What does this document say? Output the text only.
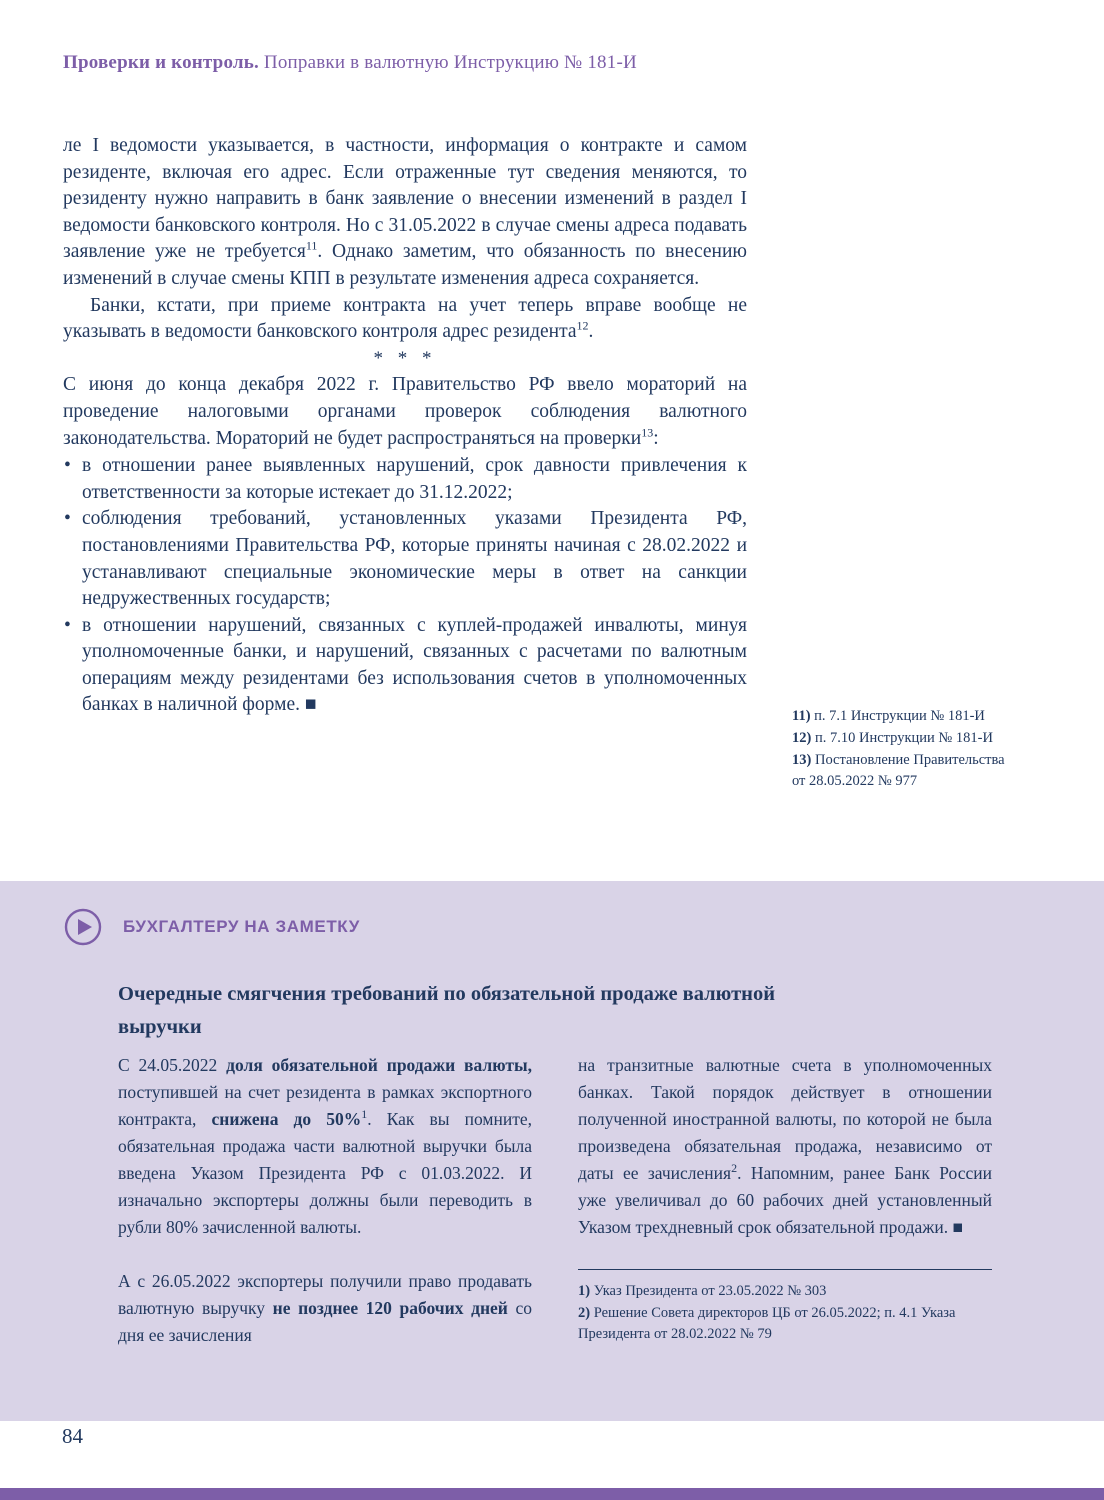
Проверки и контроль. Поправки в валютную Инструкцию № 181-И

ле I ведомости указывается, в частности, информация о контракте и самом резиденте, включая его адрес. Если отраженные тут сведения меняются, то резиденту нужно направить в банк заявление о внесении изменений в раздел I ведомости банковского контроля. Но с 31.05.2022 в случае смены адреса подавать заявление уже не требуется$^{11}$. Однако заметим, что обязанность по внесению изменений в случае смены КПП в результате изменения адреса сохраняется.

Банки, кстати, при приеме контракта на учет теперь вправе вообще не указывать в ведомости банковского контроля адрес резидента$^{12}$.

* * *

С июня до конца декабря 2022 г. Правительство РФ ввело мораторий на проведение налоговыми органами проверок соблюдения валютного законодательства. Мораторий не будет распространяться на проверки$^{13}$:

• в отношении ранее выявленных нарушений, срок давности привлечения к ответственности за которые истекает до 31.12.2022;
• соблюдения требований, установленных указами Президента РФ, постановлениями Правительства РФ, которые приняты начиная с 28.02.2022 и устанавливают специальные экономические меры в ответ на санкции недружественных государств;
• в отношении нарушений, связанных с куплей-продажей инвалюты, минуя уполномоченные банки, и нарушений, связанных с расчетами по валютным операциям между резидентами без использования счетов в уполномоченных банках в наличной форме. ■
11) п. 7.1 Инструкции № 181-И
12) п. 7.10 Инструкции № 181-И
13) Постановление Правительства от 28.05.2022 № 977
БУХГАЛТЕРУ НА ЗАМЕТКУ
Очередные смягчения требований по обязательной продаже валютной выручки

С 24.05.2022 доля обязательной продажи валюты, поступившей на счет резидента в рамках экспортного контракта, снижена до 50%$^1$. Как вы помните, обязательная продажа части валютной выручки была введена Указом Президента РФ с 01.03.2022. И изначально экспортеры должны были переводить в рубли 80% зачисленной валюты.

А с 26.05.2022 экспортеры получили право продавать валютную выручку не позднее 120 рабочих дней со дня ее зачисления

на транзитные валютные счета в уполномоченных банках. Такой порядок действует в отношении полученной иностранной валюты, по которой не была произведена обязательная продажа, независимо от даты ее зачисления$^2$. Напомним, ранее Банк России уже увеличивал до 60 рабочих дней установленный Указом трехдневный срок обязательной продажи. ■

1) Указ Президента от 23.05.2022 № 303

2) Решение Совета директоров ЦБ от 26.05.2022; п. 4.1 Указа Президента от 28.02.2022 № 79

84
